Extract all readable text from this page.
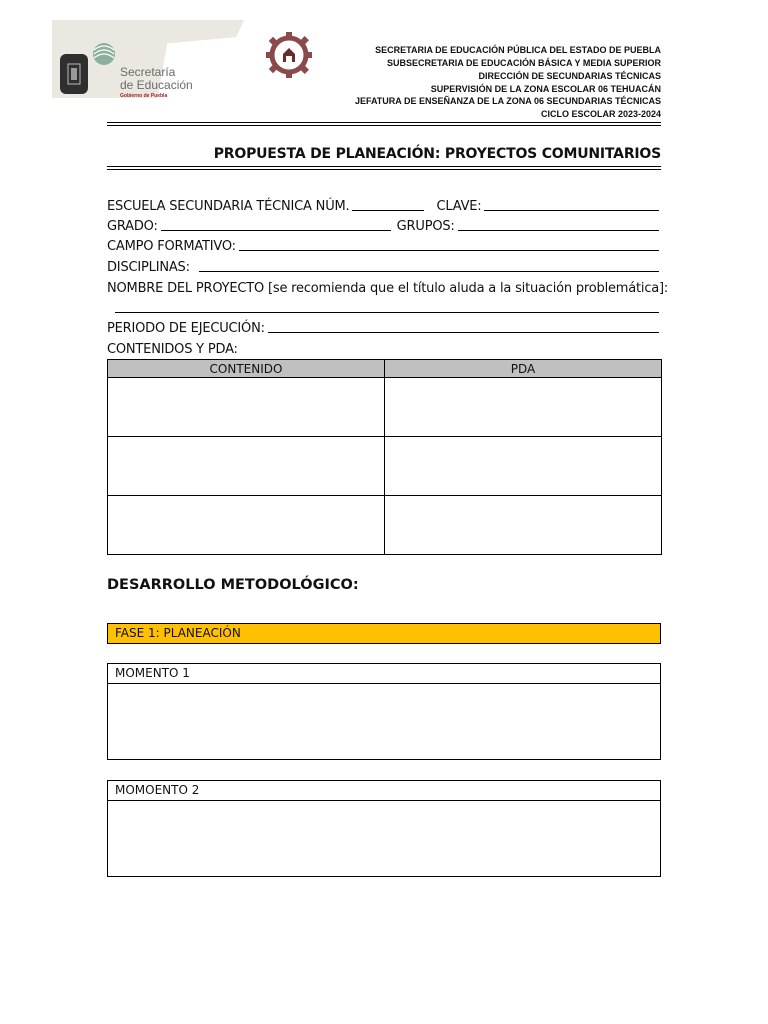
Secretaría
de Educación
Gobierno de Puebla
SECRETARIA DE EDUCACIÓN PÚBLICA DEL ESTADO DE PUEBLA
SUBSECRETARIA DE EDUCACIÓN BÁSICA Y MEDIA SUPERIOR
DIRECCIÓN DE SECUNDARIAS TÉCNICAS
SUPERVISIÓN DE LA ZONA ESCOLAR 06 TEHUACÁN
JEFATURA DE ENSEÑANZA DE LA ZONA 06 SECUNDARIAS TÉCNICAS
CICLO ESCOLAR 2023-2024
PROPUESTA DE PLANEACIÓN: PROYECTOS COMUNITARIOS
ESCUELA SECUNDARIA TÉCNICA NÚM.	CLAVE:
GRADO:	GRUPOS:
CAMPO FORMATIVO:
DISCIPLINAS:
NOMBRE DEL PROYECTO [se recomienda que el título aluda a la situación problemática]:
PERIODO DE EJECUCIÓN:
CONTENIDOS Y PDA:
CONTENIDO	PDA

DESARROLLO METODOLÓGICO:
FASE 1: PLANEACIÓN
MOMENTO 1
MOMOENTO 2
